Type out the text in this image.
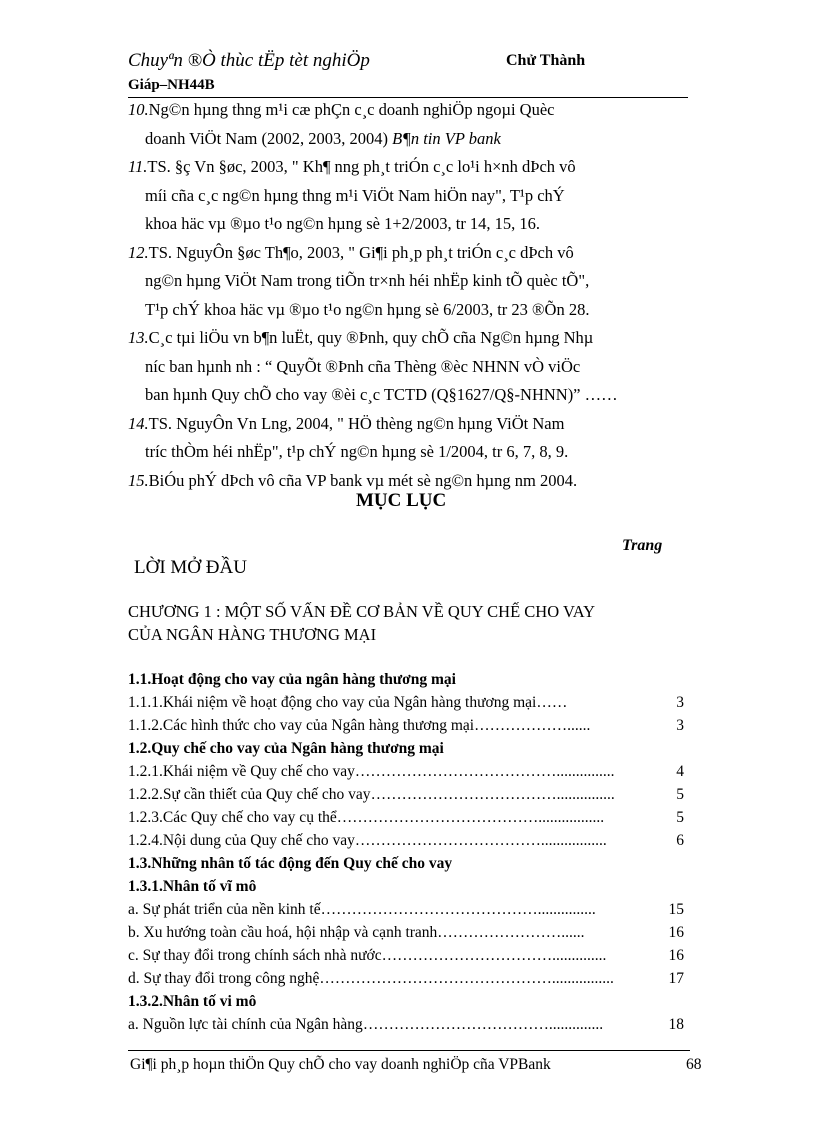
Chuyªn ®Ò thùc tËp tèt nghiÖp	Chử Thành
Giáp–NH44B
10.Ng©n hµng thng m¹i cæ phÇn c¸c doanh nghiÖp ngoµi Quèc
doanh ViÖt Nam (2002, 2003, 2004) B¶n tin VP bank
11.TS. §ç Vn §øc, 2003, " Kh¶ nng ph¸t triÓn c¸c lo¹i h×nh dÞch vô
míi cña c¸c ng©n hµng thng m¹i ViÖt Nam hiÖn nay", T¹p chÝ
khoa häc vµ ®µo t¹o ng©n hµng sè 1+2/2003, tr 14, 15, 16.
12.TS. NguyÔn §øc Th¶o, 2003, " Gi¶i ph¸p ph¸t triÓn c¸c dÞch vô
ng©n hµng ViÖt Nam trong tiÕn tr×nh héi nhËp kinh tÕ quèc tÕ",
T¹p chÝ khoa häc vµ ®µo t¹o ng©n hµng sè 6/2003, tr 23 ®Õn 28.
13.C¸c tµi liÖu vn b¶n luËt, quy ®Þnh, quy chÕ cña Ng©n hµng Nhµ
níc ban hµnh nh : “ QuyÕt ®Þnh cña Thèng ®èc NHNN vÒ viÖc
ban hµnh Quy chÕ cho vay ®èi c¸c TCTD (Q§1627/Q§-NHNN)” ……
14.TS. NguyÔn Vn Lng, 2004, " HÖ thèng ng©n hµng ViÖt Nam
tríc thÒm héi nhËp", t¹p chÝ ng©n hµng sè 1/2004, tr 6, 7, 8, 9.
15.BiÓu phÝ dÞch vô cña VP bank vµ mét sè ng©n hµng nm 2004.
MỤC LỤC
Trang
LỜI MỞ ĐẦU
CHƯƠNG 1 : MỘT SỐ VẤN ĐỀ CƠ BẢN VỀ QUY CHẾ CHO VAY
CỦA NGÂN HÀNG THƯƠNG MẠI
1.1.Hoạt động cho vay của ngân hàng thương mại
1.1.1.Khái niệm về hoạt động cho vay của Ngân hàng thương mại ……	3
1.1.2.Các hình thức cho vay của Ngân hàng thương mại ………………......	3
1.2.Quy chế cho vay của Ngân hàng thương mại
1.2.1.Khái niệm về Quy chế cho vay …………………………………...............	4
1.2.2.Sự cần thiết của Quy chế cho vay ………………………………...............	5
1.2.3.Các Quy chế cho vay cụ thể ………………………………….................	5
1.2.4.Nội dung của Quy chế cho vay ……………………………….................	6
1.3.Những nhân tố tác động đến Quy chế cho vay
1.3.1.Nhân tố vĩ mô
a. Sự phát triển của nền kinh tế ……………………………………...............	15
b. Xu hướng toàn cầu hoá, hội nhập và cạnh tranh ……………………......	16
c. Sự thay đổi trong chính sách nhà nước ……………………………..............	16
d. Sự thay đổi trong công nghệ ………………………………………................	17
1.3.2.Nhân tố vi mô
a. Nguồn lực tài chính của Ngân hàng ………………………………..............	18
Gi¶i ph¸p hoµn thiÖn Quy chÕ cho vay doanh nghiÖp cña VPBank	68
